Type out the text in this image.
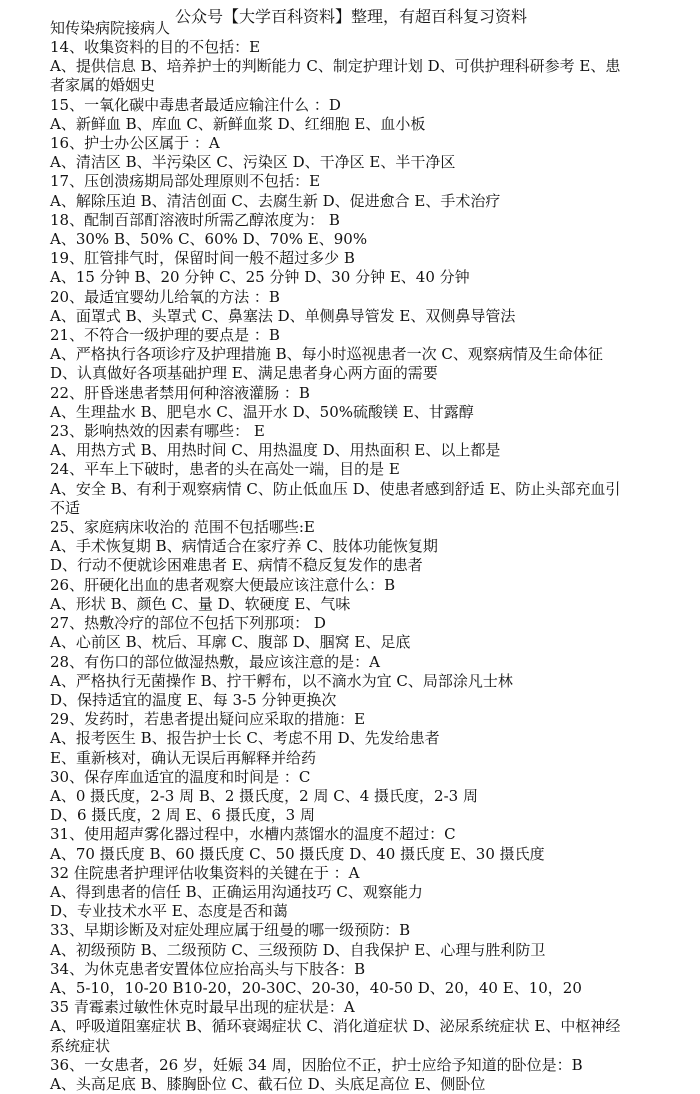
公众号【大学百科资料】整理，有超百科复习资料
知传染病院接病人
14、收集资料的目的不包括：E
A、提供信息 B、培养护士的判断能力 C、制定护理计划 D、可供护理科研参考 E、患
者家属的婚姻史
15、一氧化碳中毒患者最适应输注什么 ：D
A、新鲜血 B、库血 C、新鲜血浆 D、红细胞 E、血小板
16、护士办公区属于 ：A
A、清洁区 B、半污染区 C、污染区 D、干净区 E、半干净区
17、压创溃疡期局部处理原则不包括：E
A、解除压迫 B、清洁创面 C、去腐生新 D、促进愈合 E、手术治疗
18、配制百部酊溶液时所需乙醇浓度为： B
A、30% B、50% C、60% D、70% E、90%
19、肛管排气时，保留时间一般不超过多少 B
A、15 分钟 B、20 分钟 C、25 分钟 D、30 分钟 E、40 分钟
20、最适宜婴幼儿给氧的方法 ：B
A、面罩式 B、头罩式 C、鼻塞法 D、单侧鼻导管发 E、双侧鼻导管法
21、不符合一级护理的要点是 ：B
A、严格执行各项诊疗及护理措施 B、每小时巡视患者一次 C、观察病情及生命体征
D、认真做好各项基础护理 E、满足患者身心两方面的需要
22、肝昏迷患者禁用何种溶液灌肠 ：B
A、生理盐水 B、肥皂水 C、温开水 D、50%硫酸镁 E、甘露醇
23、影响热效的因素有哪些： E
A、用热方式 B、用热时间 C、用热温度 D、用热面积 E、以上都是
24、平车上下破时，患者的头在高处一端，目的是 E
A、安全 B、有利于观察病情 C、防止低血压 D、使患者感到舒适 E、防止头部充血引
不适
25、家庭病床收治的 范围不包括哪些:E
A、手术恢复期 B、病情适合在家疗养 C、肢体功能恢复期
D、行动不便就诊困难患者 E、病情不稳反复发作的患者
26、肝硬化出血的患者观察大便最应该注意什么：B
A、形状 B、颜色 C、量 D、软硬度 E、气味
27、热敷冷疗的部位不包括下列那项： D
A、心前区 B、枕后、耳廓 C、腹部 D、腘窝 E、足底
28、有伤口的部位做湿热敷，最应该注意的是：A
A、严格执行无菌操作 B、拧干孵布，以不滴水为宜 C、局部涂凡士林
D、保持适宜的温度 E、每 3-5 分钟更换次
29、发药时，若患者提出疑问应采取的措施：E
A、报考医生 B、报告护士长 C、考虑不用 D、先发给患者
E、重新核对，确认无误后再解释并给药
30、保存库血适宜的温度和时间是 ：C
A、0 摄氏度，2-3 周 B、2 摄氏度，2 周 C、4 摄氏度，2-3 周
D、6 摄氏度，2 周 E、6 摄氏度，3 周
31、使用超声雾化器过程中，水槽内蒸馏水的温度不超过：C
A、70 摄氏度 B、60 摄氏度 C、50 摄氏度 D、40 摄氏度 E、30 摄氏度
32 住院患者护理评估收集资料的关键在于 ：A
A、得到患者的信任 B、正确运用沟通技巧 C、观察能力
D、专业技术水平 E、态度是否和蔼
33、早期诊断及对症处理应属于纽曼的哪一级预防：B
A、初级预防 B、二级预防 C、三级预防 D、自我保护 E、心理与胜利防卫
34、为休克患者安置体位应抬高头与下肢各：B
A、5-10，10-20 B10-20，20-30C、20-30，40-50 D、20，40 E、10，20
35 青霉素过敏性休克时最早出现的症状是：A
A、呼吸道阻塞症状 B、循环衰竭症状 C、消化道症状 D、泌尿系统症状 E、中枢神经
系统症状
36、一女患者，26 岁，妊娠 34 周，因胎位不正，护士应给予知道的卧位是：B
A、头高足底 B、膝胸卧位 C、截石位 D、头底足高位 E、侧卧位
